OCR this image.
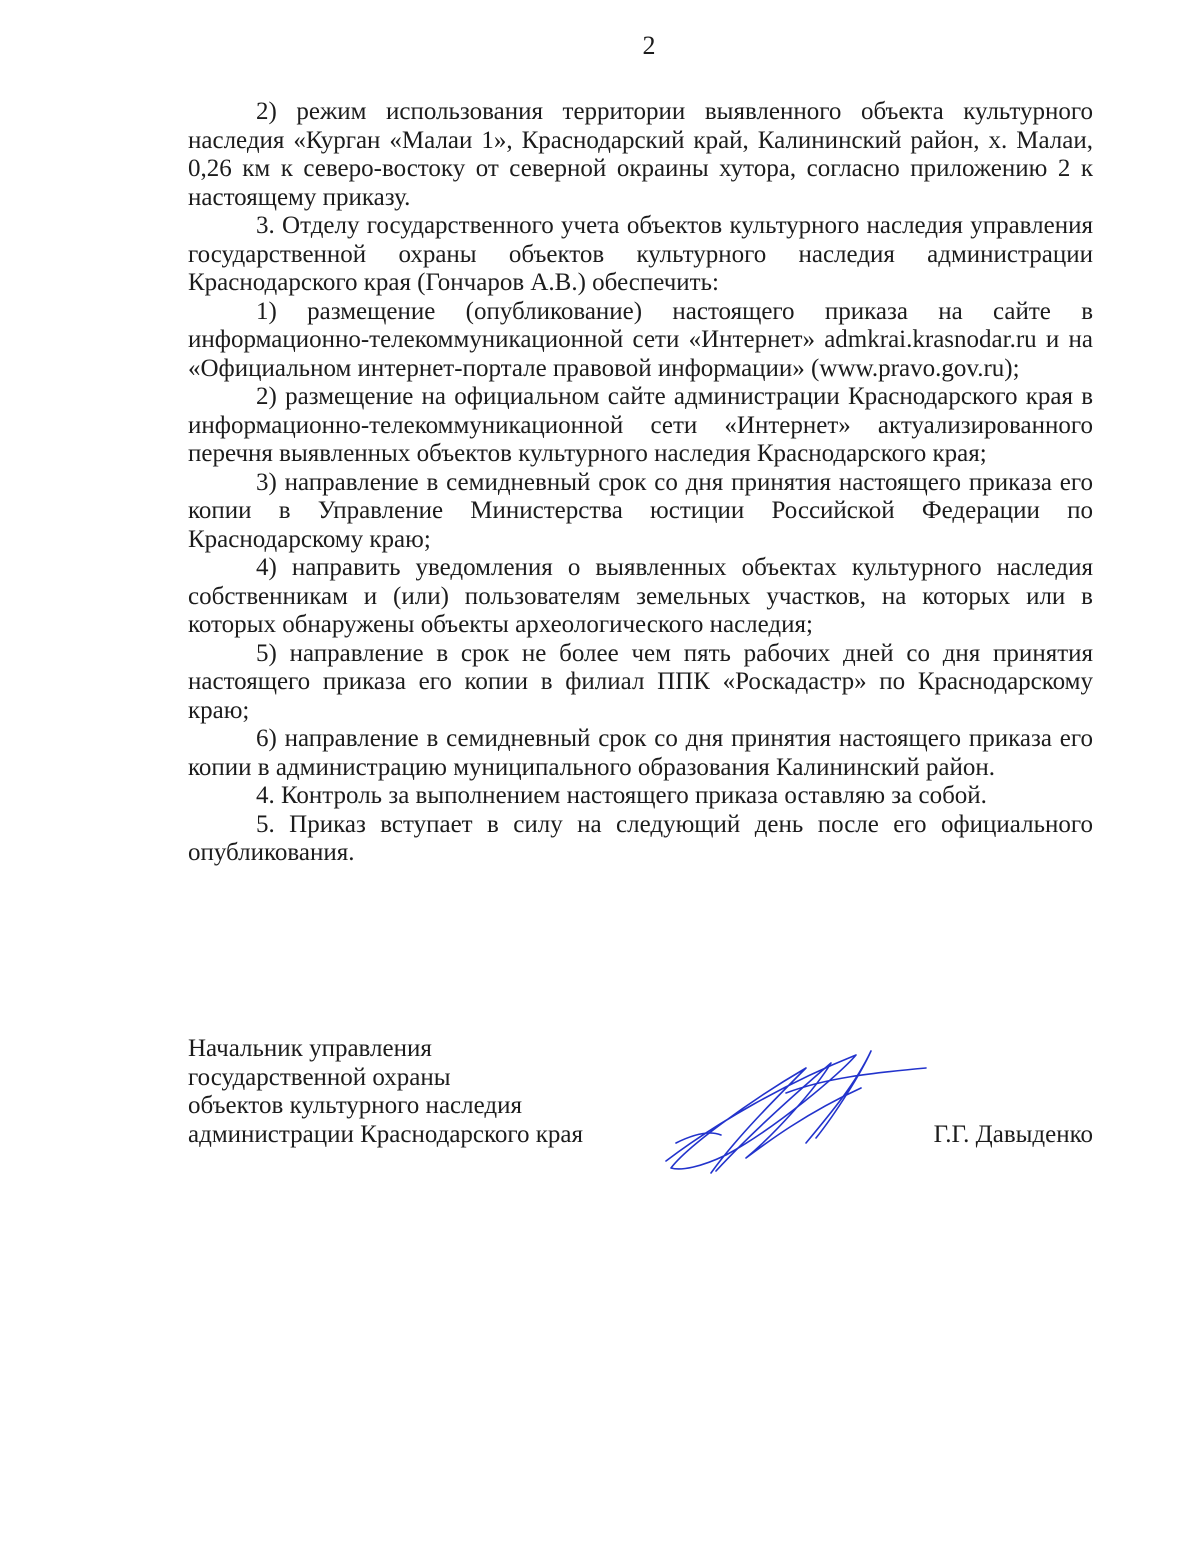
2

2) режим использования территории выявленного объекта культурного наследия «Курган «Малаи 1», Краснодарский край, Калининский район, х. Малаи, 0,26 км к северо-востоку от северной окраины хутора, согласно приложению 2 к настоящему приказу.

3. Отделу государственного учета объектов культурного наследия управления государственной охраны объектов культурного наследия администрации Краснодарского края (Гончаров А.В.) обеспечить:

1) размещение (опубликование) настоящего приказа на сайте в информационно-телекоммуникационной сети «Интернет» admkrai.krasnodar.ru и на «Официальном интернет-портале правовой информации» (www.pravo.gov.ru);

2) размещение на официальном сайте администрации Краснодарского края в информационно-телекоммуникационной сети «Интернет» актуализированного перечня выявленных объектов культурного наследия Краснодарского края;

3) направление в семидневный срок со дня принятия настоящего приказа его копии в Управление Министерства юстиции Российской Федерации по Краснодарскому краю;

4) направить уведомления о выявленных объектах культурного наследия собственникам и (или) пользователям земельных участков, на которых или в которых обнаружены объекты археологического наследия;

5) направление в срок не более чем пять рабочих дней со дня принятия настоящего приказа его копии в филиал ППК «Роскадастр» по Краснодарскому краю;

6) направление в семидневный срок со дня принятия настоящего приказа его копии в администрацию муниципального образования Калининский район.

4. Контроль за выполнением настоящего приказа оставляю за собой.

5. Приказ вступает в силу на следующий день после его официального опубликования.

Начальник управления
государственной охраны
объектов культурного наследия
администрации Краснодарского края	Г.Г. Давыденко
